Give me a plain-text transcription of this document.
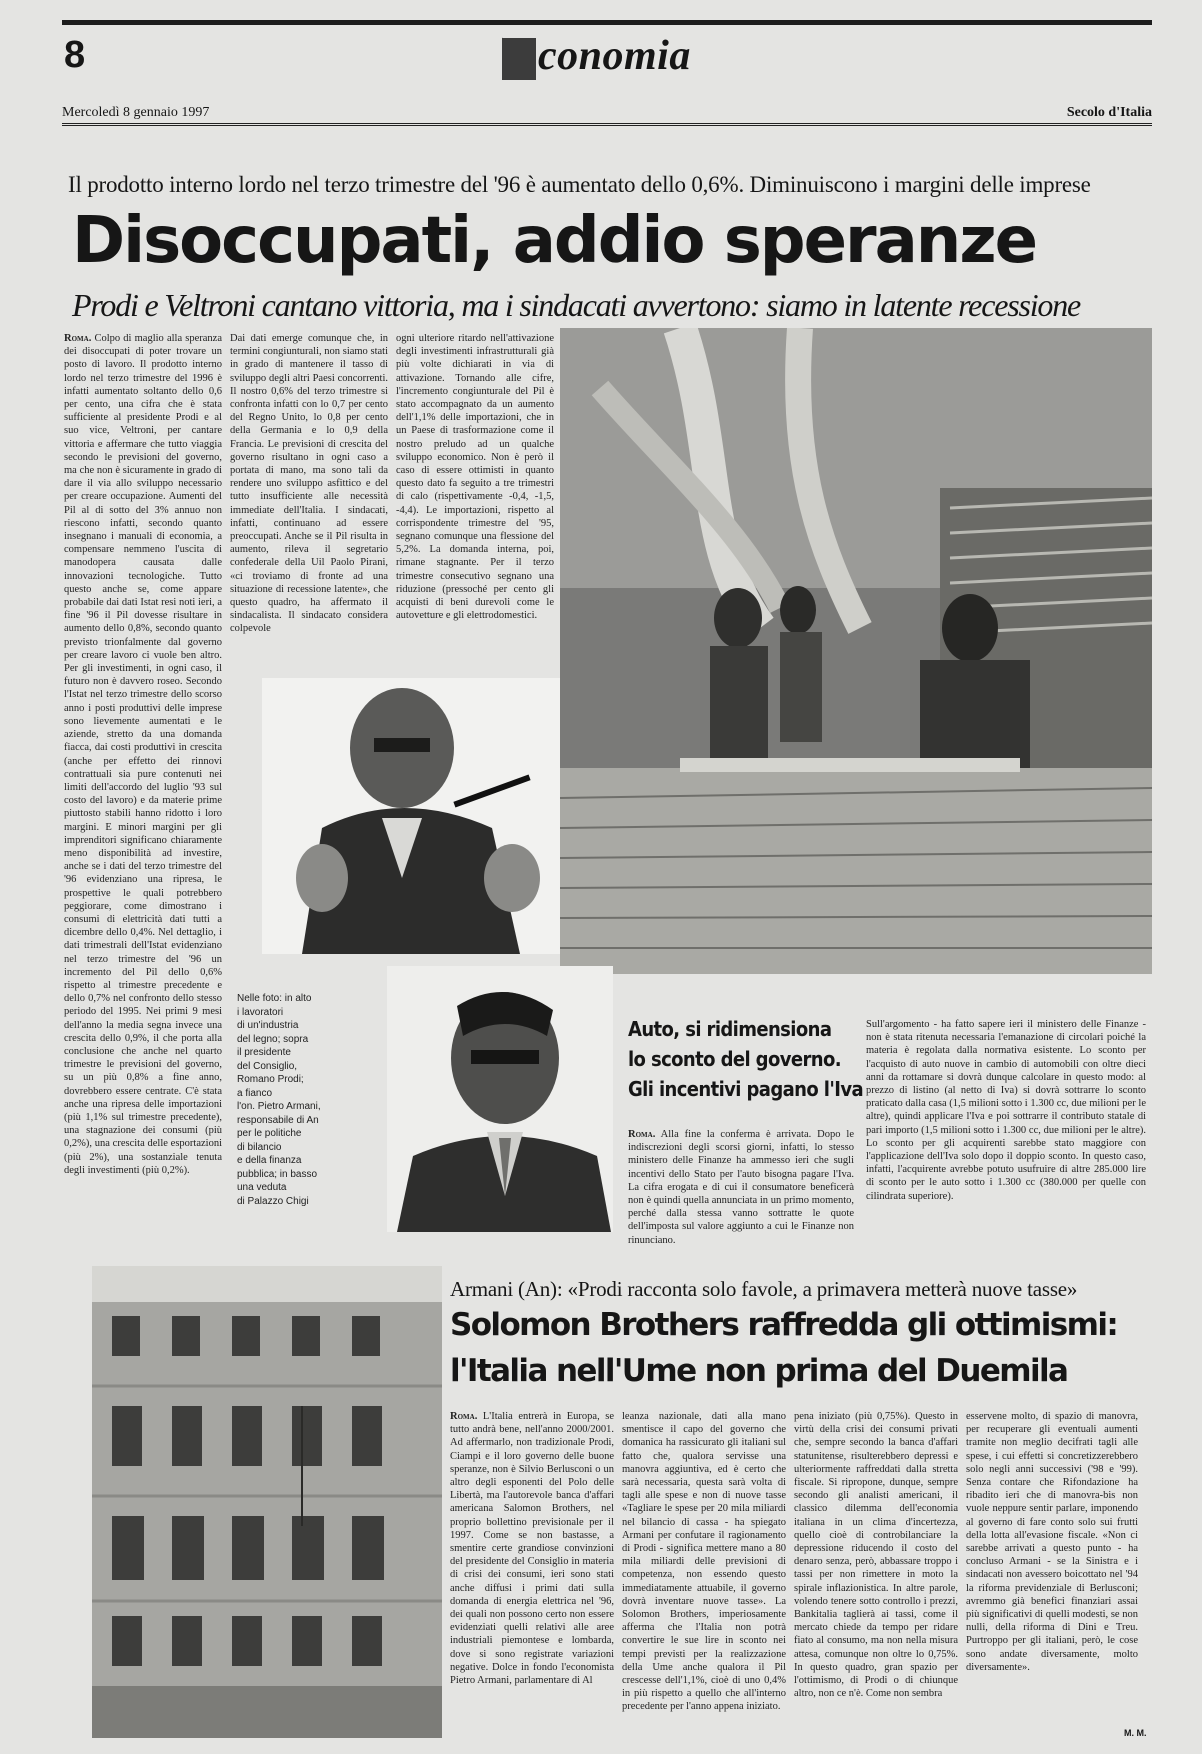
8	E conomia
Mercoledì 8 gennaio 1997	Secolo d'Italia
Il prodotto interno lordo nel terzo trimestre del '96 è aumentato dello 0,6%. Diminuiscono i margini delle imprese
Disoccupati, addio speranze
Prodi e Veltroni cantano vittoria, ma i sindacati avvertono: siamo in latente recessione
Roma. Colpo di maglio alla speranza dei disoccupati di poter trovare un posto di lavoro. Il prodotto interno lordo nel terzo trimestre del 1996 è infatti aumentato soltanto dello 0,6 per cento, una cifra che è stata sufficiente al presidente Prodi e al suo vice, Veltroni, per cantare vittoria e affermare che tutto viaggia secondo le previsioni del governo, ma che non è sicuramente in grado di dare il via allo sviluppo necessario per creare occupazione. Aumenti del Pil al di sotto del 3% annuo non riescono infatti, secondo quanto insegnano i manuali di economia, a compensare nemmeno l'uscita di manodopera causata dalle innovazioni tecnologiche. Tutto questo anche se, come appare probabile dai dati Istat resi noti ieri, a fine '96 il Pil dovesse risultare in aumento dello 0,8%, secondo quanto previsto trionfalmente dal governo per creare lavoro ci vuole ben altro. Per gli investimenti, in ogni caso, il futuro non è davvero roseo. Secondo l'Istat nel terzo trimestre dello scorso anno i posti produttivi delle imprese sono lievemente aumentati e le aziende, stretto da una domanda fiacca, dai costi produttivi in crescita (anche per effetto dei rinnovi contrattuali sia pure contenuti nei limiti dell'accordo del luglio '93 sul costo del lavoro) e da materie prime piuttosto stabili hanno ridotto i loro margini. E minori margini per gli imprenditori significano chiaramente meno disponibilità ad investire, anche se i dati del terzo trimestre del '96 evidenziano una ripresa, le prospettive le quali potrebbero peggiorare, come dimostrano i consumi di elettricità dati tutti a dicembre dello 0,4%. Nel dettaglio, i dati trimestrali dell'Istat evidenziano nel terzo trimestre del '96 un incremento del Pil dello 0,6% rispetto al trimestre precedente e dello 0,7% nel confronto dello stesso periodo del 1995. Nei primi 9 mesi dell'anno la media segna invece una crescita dello 0,9%, il che porta alla conclusione che anche nel quarto trimestre le previsioni del governo, su un più 0,8% a fine anno, dovrebbero essere centrate. C'è stata anche una ripresa delle importazioni (più 1,1% sul trimestre precedente), una stagnazione dei consumi (più 0,2%), una crescita delle esportazioni (più 2%), una sostanziale tenuta degli investimenti (più 0,2%).
Dai dati emerge comunque che, in termini congiunturali, non siamo stati in grado di mantenere il tasso di sviluppo degli altri Paesi concorrenti. Il nostro 0,6% del terzo trimestre si confronta infatti con lo 0,7 per cento del Regno Unito, lo 0,8 per cento della Germania e lo 0,9 della Francia. Le previsioni di crescita del governo risultano in ogni caso a portata di mano, ma sono tali da rendere uno sviluppo asfittico e del tutto insufficiente alle necessità immediate dell'Italia. I sindacati, infatti, continuano ad essere preoccupati. Anche se il Pil risulta in aumento, rileva il segretario confederale della Uil Paolo Pirani, «ci troviamo di fronte ad una situazione di recessione latente», che questo quadro, ha affermato il sindacalista. Il sindacato considera colpevole
ogni ulteriore ritardo nell'attivazione degli investimenti infrastrutturali già più volte dichiarati in via di attivazione. Tornando alle cifre, l'incremento congiunturale del Pil è stato accompagnato da un aumento dell'1,1% delle importazioni, che in un Paese di trasformazione come il nostro preludo ad un qualche sviluppo economico. Non è però il caso di essere ottimisti in quanto questo dato fa seguito a tre trimestri di calo (rispettivamente -0,4, -1,5, -4,4). Le importazioni, rispetto al corrispondente trimestre del '95, segnano comunque una flessione del 5,2%. La domanda interna, poi, rimane stagnante. Per il terzo trimestre consecutivo segnano una riduzione (pressoché per cento gli acquisti di beni durevoli come le autovetture e gli elettrodomestici.
Nelle foto: in alto
i lavoratori
di un'industria
del legno; sopra
il presidente
del Consiglio,
Romano Prodi;
a fianco
l'on. Pietro Armani,
responsabile di An
per le politiche
di bilancio
e della finanza
pubblica; in basso
una veduta
di Palazzo Chigi
Auto, si ridimensiona
lo sconto del governo.
Gli incentivi pagano l'Iva
Roma. Alla fine la conferma è arrivata. Dopo le indiscrezioni degli scorsi giorni, infatti, lo stesso ministero delle Finanze ha ammesso ieri che sugli incentivi dello Stato per l'auto bisogna pagare l'Iva. La cifra erogata e di cui il consumatore beneficerà non è quindi quella annunciata in un primo momento, perché dalla stessa vanno sottratte le quote dell'imposta sul valore aggiunto a cui le Finanze non rinunciano.
Sull'argomento - ha fatto sapere ieri il ministero delle Finanze - non è stata ritenuta necessaria l'emanazione di circolari poiché la materia è regolata dalla normativa esistente. Lo sconto per l'acquisto di auto nuove in cambio di automobili con oltre dieci anni da rottamare si dovrà dunque calcolare in questo modo: al prezzo di listino (al netto di Iva) si dovrà sottrarre lo sconto praticato dalla casa (1,5 milioni sotto i 1.300 cc, due milioni per le altre), quindi applicare l'Iva e poi sottrarre il contributo statale di pari importo (1,5 milioni sotto i 1.300 cc, due milioni per le altre). Lo sconto per gli acquirenti sarebbe stato maggiore con l'applicazione dell'Iva solo dopo il doppio sconto. In questo caso, infatti, l'acquirente avrebbe potuto usufruire di altre 285.000 lire di sconto per le auto sotto i 1.300 cc (380.000 per quelle con cilindrata superiore).
Armani (An): «Prodi racconta solo favole, a primavera metterà nuove tasse»
Solomon Brothers raffredda gli ottimismi:
l'Italia nell'Ume non prima del Duemila
Roma. L'Italia entrerà in Europa, se tutto andrà bene, nell'anno 2000/2001. Ad affermarlo, non tradizionale Prodi, Ciampi e il loro governo delle buone speranze, non è Silvio Berlusconi o un altro degli esponenti del Polo delle Libertà, ma l'autorevole banca d'affari americana Salomon Brothers, nel proprio bollettino previsionale per il 1997. Come se non bastasse, a smentire certe grandiose convinzioni del presidente del Consiglio in materia di crisi dei consumi, ieri sono stati anche diffusi i primi dati sulla domanda di energia elettrica nel '96, dei quali non possono certo non essere evidenziati quelli relativi alle aree industriali piemontese e lombarda, dove si sono registrate variazioni negative. Dolce in fondo l'economista Pietro Armani, parlamentare di Al
leanza nazionale, dati alla mano smentisce il capo del governo che domanica ha rassicurato gli italiani sul fatto che, qualora servisse una manovra aggiuntiva, ed è certo che sarà necessaria, questa sarà volta di tagli alle spese e non di nuove tasse «Tagliare le spese per 20 mila miliardi nel bilancio di cassa - ha spiegato Armani per confutare il ragionamento di Prodi - significa mettere mano a 80 mila miliardi delle previsioni di competenza, non essendo questo immediatamente attuabile, il governo dovrà inventare nuove tasse». La Solomon Brothers, imperiosamente afferma che l'Italia non potrà convertire le sue lire in sconto nei tempi previsti per la realizzazione della Ume anche qualora il Pil crescesse dell'1,1%, cioè di uno 0,4% in più rispetto a quello che all'interno precedente per l'anno appena iniziato.
pena iniziato (più 0,75%). Questo in virtù della crisi dei consumi privati che, sempre secondo la banca d'affari statunitense, risulterebbero depressi e ulteriormente raffreddati dalla stretta fiscale. Si ripropone, dunque, sempre secondo gli analisti americani, il classico dilemma dell'economia italiana in un clima d'incertezza, quello cioè di controbilanciare la depressione riducendo il costo del denaro senza, però, abbassare troppo i tassi per non rimettere in moto la spirale inflazionistica. In altre parole, volendo tenere sotto controllo i prezzi, Bankitalia taglierà ai tassi, come il mercato chiede da tempo per ridare fiato al consumo, ma non nella misura attesa, comunque non oltre lo 0,75%. In questo quadro, gran spazio per l'ottimismo, di Prodi o di chiunque altro, non ce n'è. Come non sembra
esservene molto, di spazio di manovra, per recuperare gli eventuali aumenti tramite non meglio decifrati tagli alle spese, i cui effetti si concretizzerebbero solo negli anni successivi ('98 e '99). Senza contare che Rifondazione ha ribadito ieri che di manovra-bis non vuole neppure sentir parlare, imponendo al governo di fare conto solo sui frutti della lotta all'evasione fiscale. «Non ci sarebbe arrivati a questo punto - ha concluso Armani - se la Sinistra e i sindacati non avessero boicottato nel '94 la riforma previdenziale di Berlusconi; avremmo già benefici finanziari assai più significativi di quelli modesti, se non nulli, della riforma di Dini e Treu. Purtroppo per gli italiani, però, le cose sono andate diversamente, molto diversamente».
M. M.
